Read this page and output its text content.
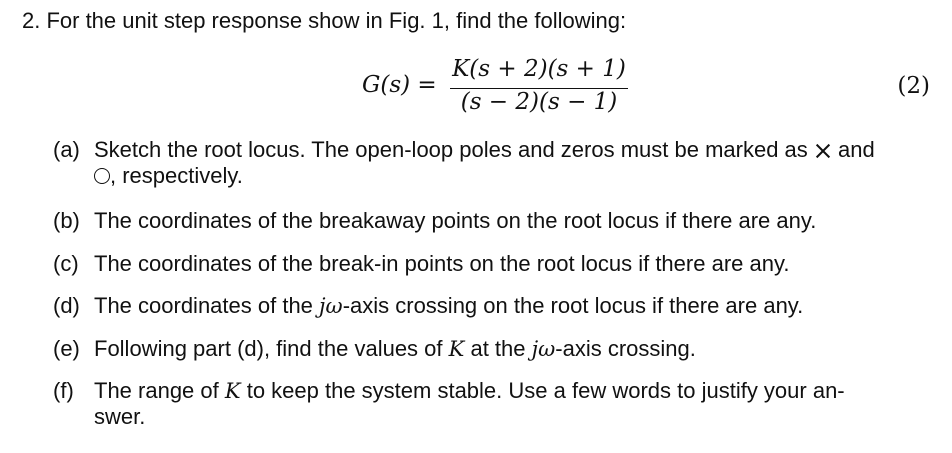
2. For the unit step response show in Fig. 1, find the following:
G(s) =
K(s + 2)(s + 1)
(s − 2)(s − 1)
(2)
(a) Sketch the root locus. The open-loop poles and zeros must be marked as and
, respectively.
(b) The coordinates of the breakaway points on the root locus if there are any.
(c) The coordinates of the break-in points on the root locus if there are any.
(d) The coordinates of the jω-axis crossing on the root locus if there are any.
(e) Following part (d), find the values of K at the jω-axis crossing.
(f) The range of K to keep the system stable. Use a few words to justify your an-
swer.
